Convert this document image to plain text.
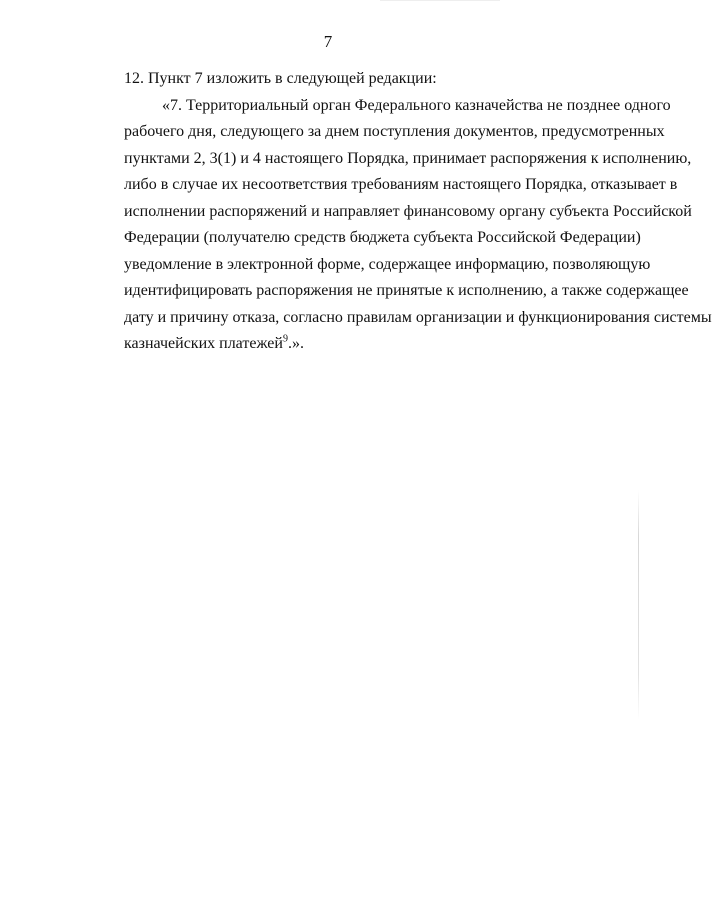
7

12. Пункт 7 изложить в следующей редакции:

«7. Территориальный орган Федерального казначейства не позднее одного
рабочего дня, следующего за днем поступления документов, предусмотренных
пунктами 2, 3(1) и 4 настоящего Порядка, принимает распоряжения к исполнению,
либо в случае их несоответствия требованиям настоящего Порядка, отказывает в
исполнении распоряжений и направляет финансовому органу субъекта Российской
Федерации (получателю средств бюджета субъекта Российской Федерации)
уведомление в электронной форме, содержащее информацию, позволяющую
идентифицировать распоряжения не принятые к исполнению, а также содержащее
дату и причину отказа, согласно правилам организации и функционирования системы
казначейских платежей$^9$.».
